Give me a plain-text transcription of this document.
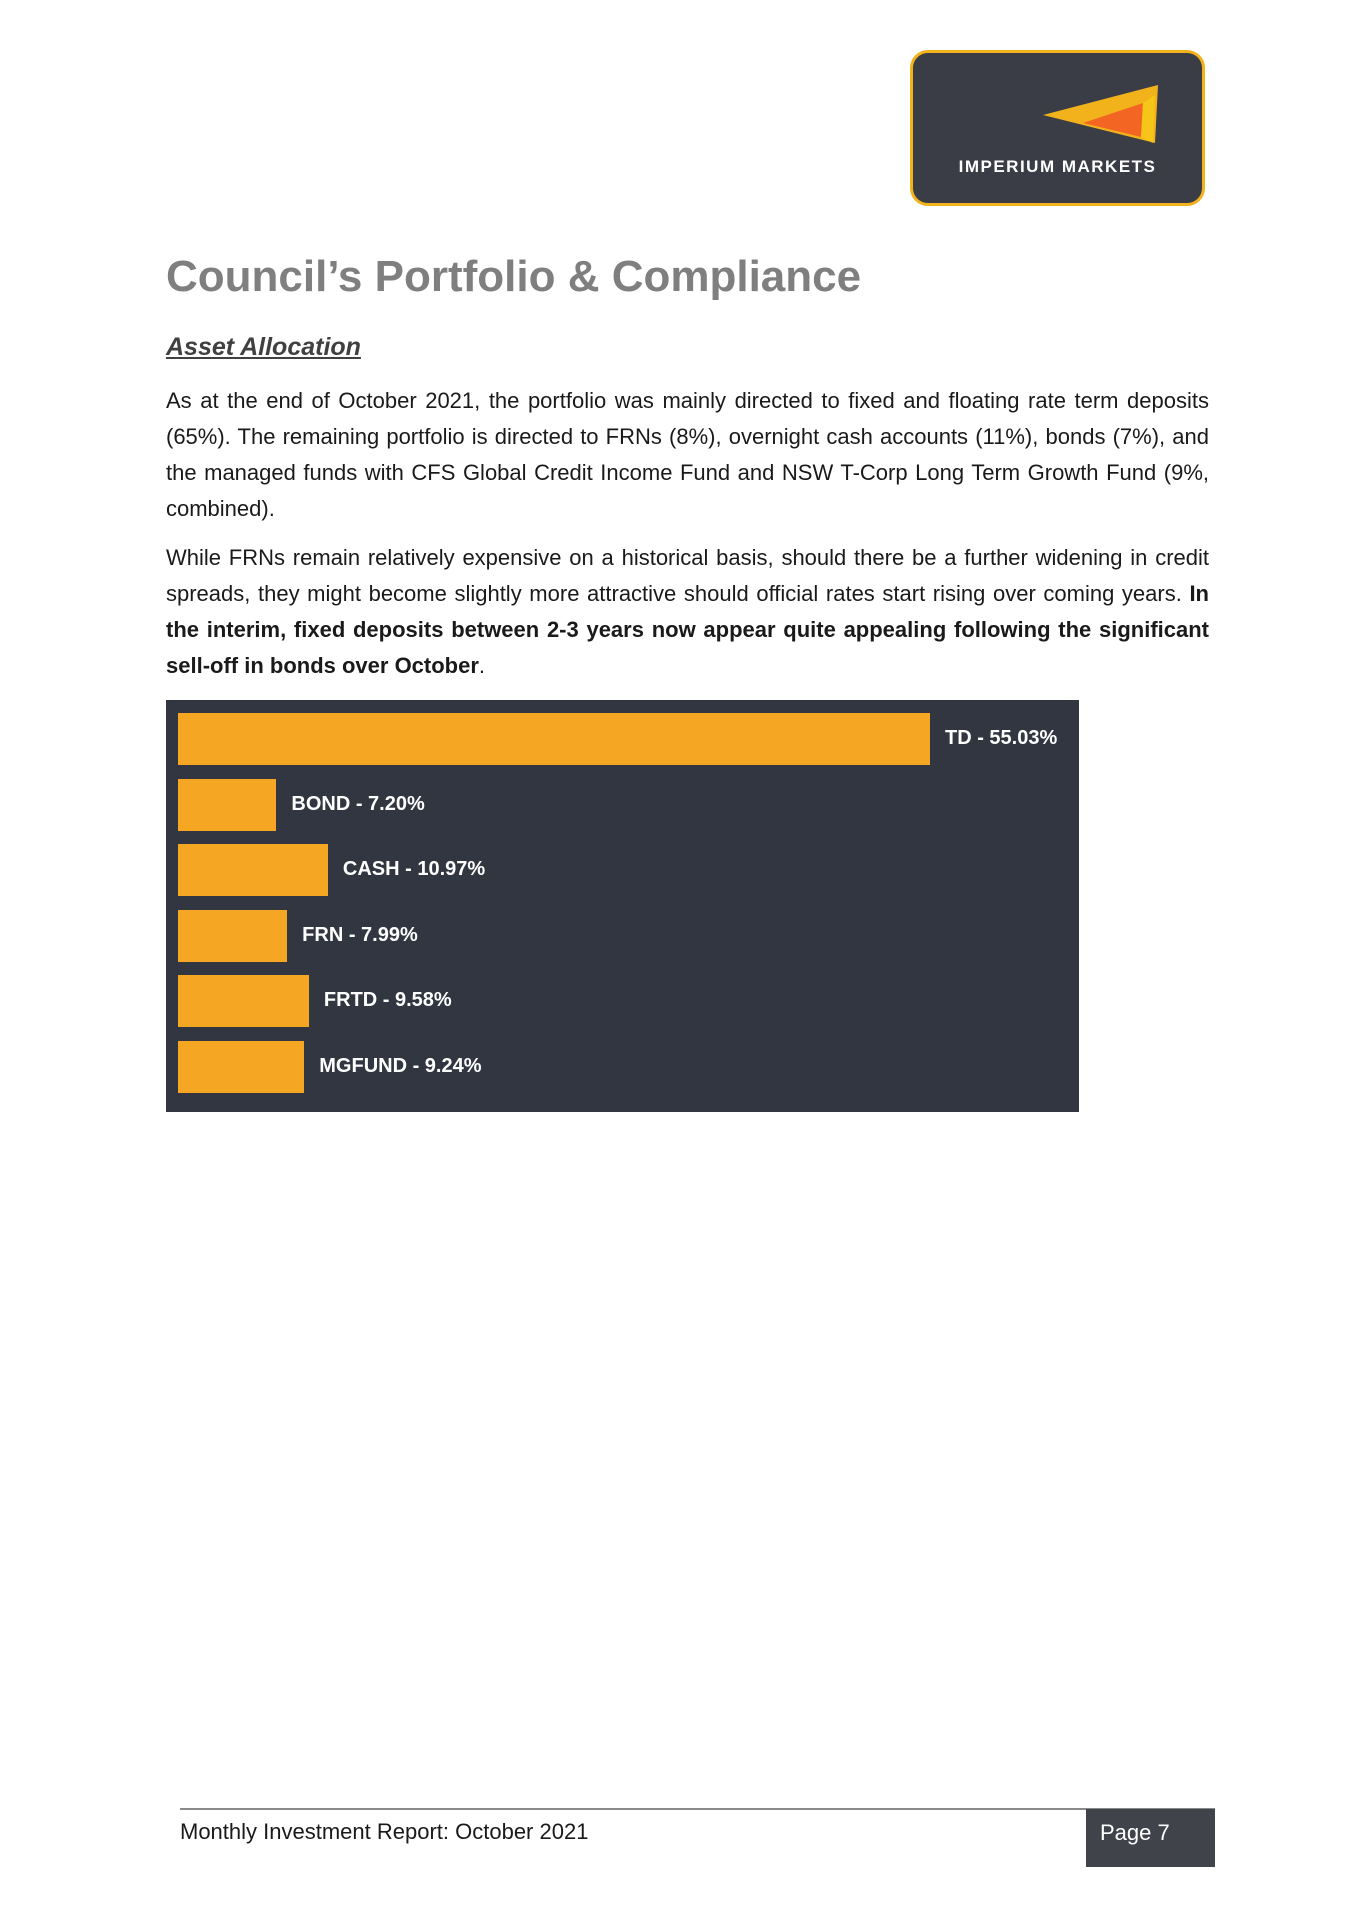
IMPERIUM MARKETS
Council’s Portfolio & Compliance
Asset Allocation

As at the end of October 2021, the portfolio was mainly directed to fixed and floating rate term deposits (65%). The remaining portfolio is directed to FRNs (8%), overnight cash accounts (11%), bonds (7%), and the managed funds with CFS Global Credit Income Fund and NSW T-Corp Long Term Growth Fund (9%, combined).

While FRNs remain relatively expensive on a historical basis, should there be a further widening in credit spreads, they might become slightly more attractive should official rates start rising over coming years. In the interim, fixed deposits between 2-3 years now appear quite appealing following the significant sell-off in bonds over October.

TD - 55.03%
BOND - 7.20%
CASH - 10.97%
FRN - 7.99%
FRTD - 9.58%
MGFUND - 9.24%
Monthly Investment Report: October 2021	Page 7
